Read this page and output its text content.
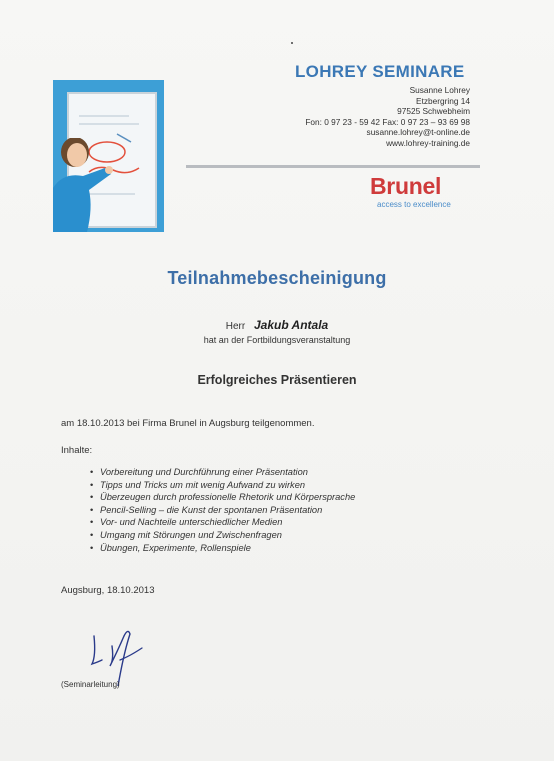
LOHREY SEMINARE
Susanne Lohrey
Etzbergring 14
97525 Schwebheim
Fon: 0 97 23 - 59 42 Fax: 0 97 23 – 93 69 98
susanne.lohrey@t-online.de
www.lohrey-training.de
Brunel
access to excellence
Teilnahmebescheinigung
Herr Jakub Antala
hat an der Fortbildungsveranstaltung
Erfolgreiches Präsentieren
am 18.10.2013 bei Firma Brunel in Augsburg teilgenommen.
Inhalte:
• Vorbereitung und Durchführung einer Präsentation
• Tipps und Tricks um mit wenig Aufwand zu wirken
• Überzeugen durch professionelle Rhetorik und Körpersprache
• Pencil-Selling – die Kunst der spontanen Präsentation
• Vor- und Nachteile unterschiedlicher Medien
• Umgang mit Störungen und Zwischenfragen
• Übungen, Experimente, Rollenspiele
Augsburg, 18.10.2013
(Seminarleitung)
